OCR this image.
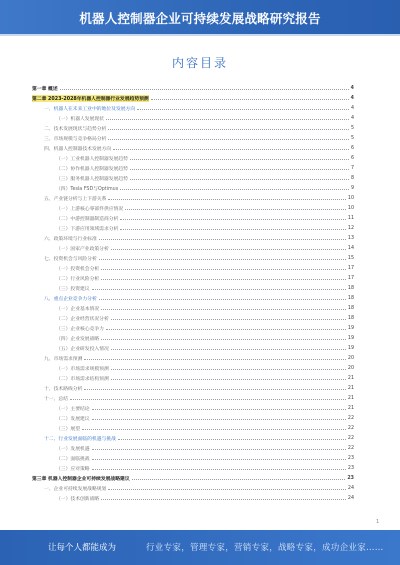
机器人控制器企业可持续发展战略研究报告
内容目录
第一章 概述	4
第二章 2023-2028年机器人控制器行业发展趋势预测	4
一、机器人在未来工业中的地位及发展方向	4
（一）机器人发展现状	4
二、技术发展现状与趋势分析	5
三、市场规模与竞争格局分析	5
四、机器人控制器技术发展方向	6
（一）工业机器人控制器发展趋势	6
（二）协作机器人控制器发展趋势	7
（三）服务机器人控制器发展趋势	8
（四）Tesla FSD与Optimus	9
五、产业链分析与上下游关系	10
（一）上游核心零部件供应情况	10
（二）中游控制器制造商分析	11
（三）下游应用领域需求分析	12
六、政策环境与行业标准	13
（一）国家产业政策分析	14
七、投资机会与风险分析	15
（一）投资机会分析	17
（二）行业风险分析	17
（三）投资建议	18
八、重点企业竞争力分析	18
（一）企业基本情况	18
（二）企业经营状况分析	18
（三）企业核心竞争力	19
（四）企业发展战略	19
（五）企业研发投入情况	19
九、市场需求预测	20
（一）市场需求规模预测	20
（二）市场需求结构预测	21
十、技术路线分析	21
十一、总结	21
（一）主要结论	21
（二）发展建议	22
（三）展望	22
十二、行业发展面临的机遇与挑战	22
（一）发展机遇	22
（二）面临挑战	23
（三）应对策略	23
第三章 机器人控制器企业可持续发展战略建议	23
一、企业可持续发展战略规划	24
（一）技术创新战略	24
1
让每个人都能成为	行业专家，管理专家，营销专家，战略专家，成功企业家……
